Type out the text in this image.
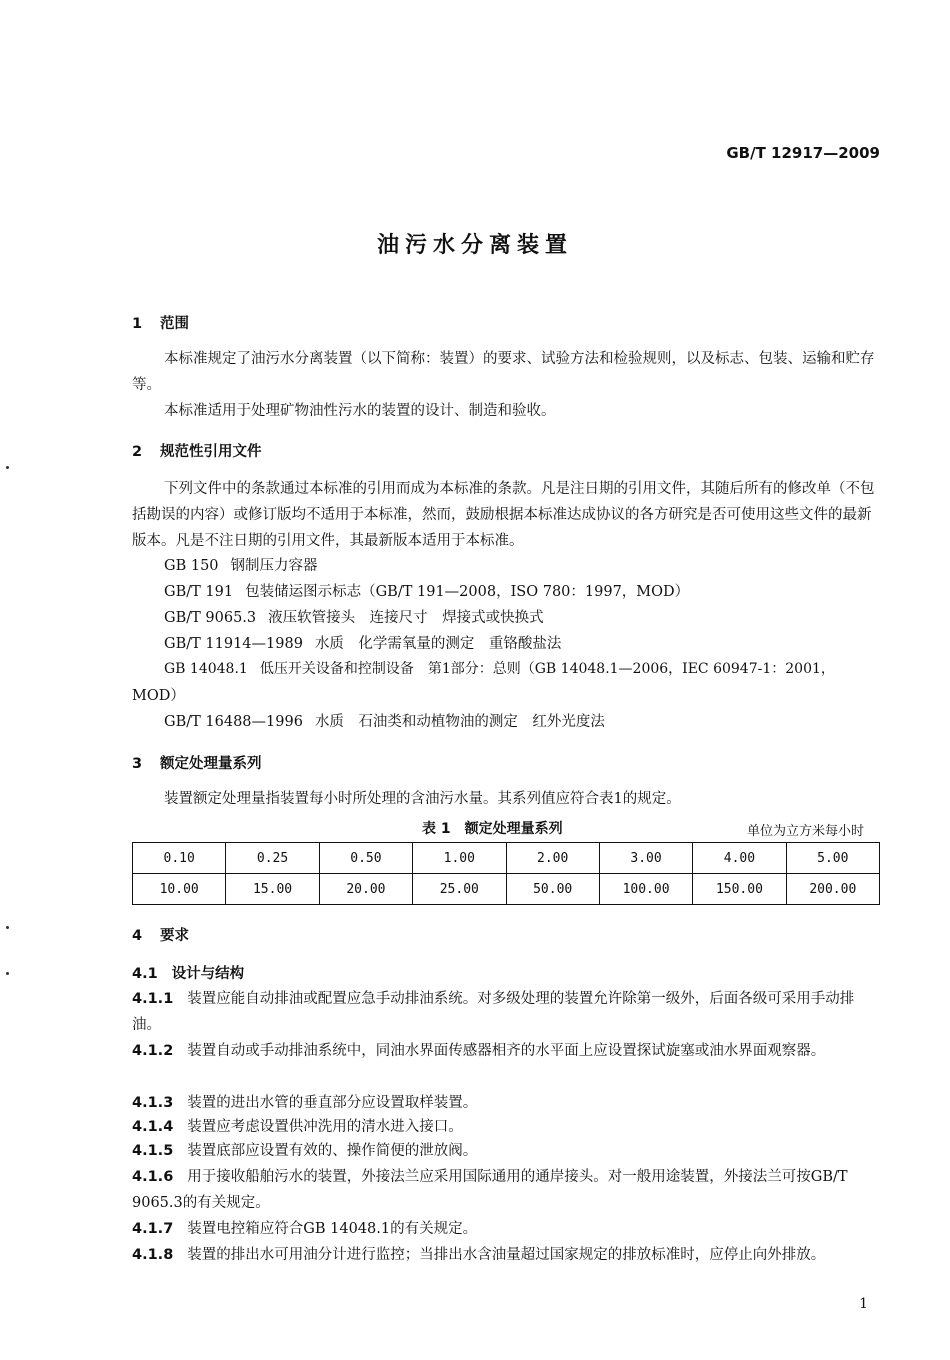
GB/T 12917—2009
油污水分离装置
1 范围
本标准规定了油污水分离装置（以下简称：装置）的要求、试验方法和检验规则，以及标志、包装、运输和贮存等。
本标准适用于处理矿物油性污水的装置的设计、制造和验收。
2 规范性引用文件
下列文件中的条款通过本标准的引用而成为本标准的条款。凡是注日期的引用文件，其随后所有的修改单（不包括勘误的内容）或修订版均不适用于本标准，然而，鼓励根据本标准达成协议的各方研究是否可使用这些文件的最新版本。凡是不注日期的引用文件，其最新版本适用于本标准。
GB 150 钢制压力容器
GB/T 191 包装储运图示标志（GB/T 191—2008，ISO 780：1997，MOD）
GB/T 9065.3 液压软管接头　连接尺寸　焊接式或快换式
GB/T 11914—1989 水质　化学需氧量的测定　重铬酸盐法
GB 14048.1 低压开关设备和控制设备　第1部分：总则（GB 14048.1—2006，IEC 60947-1：2001，
MOD）
GB/T 16488—1996 水质　石油类和动植物油的测定　红外光度法
3 额定处理量系列
装置额定处理量指装置每小时所处理的含油污水量。其系列值应符合表1的规定。
表 1　额定处理量系列	单位为立方米每小时
0.10	0.25	0.50	1.00	2.00	3.00	4.00	5.00
10.00	15.00	20.00	25.00	50.00	100.00	150.00	200.00
4 要求
4.1 设计与结构
4.1.1 装置应能自动排油或配置应急手动排油系统。对多级处理的装置允许除第一级外，后面各级可采用手动排油。
4.1.2 装置自动或手动排油系统中，同油水界面传感器相齐的水平面上应设置探试旋塞或油水界面观察器。
4.1.3 装置的进出水管的垂直部分应设置取样装置。
4.1.4 装置应考虑设置供冲洗用的清水进入接口。
4.1.5 装置底部应设置有效的、操作简便的泄放阀。
4.1.6 用于接收船舶污水的装置，外接法兰应采用国际通用的通岸接头。对一般用途装置，外接法兰可按GB/T 9065.3的有关规定。
4.1.7 装置电控箱应符合GB 14048.1的有关规定。
4.1.8 装置的排出水可用油分计进行监控；当排出水含油量超过国家规定的排放标准时，应停止向外排放。
1
